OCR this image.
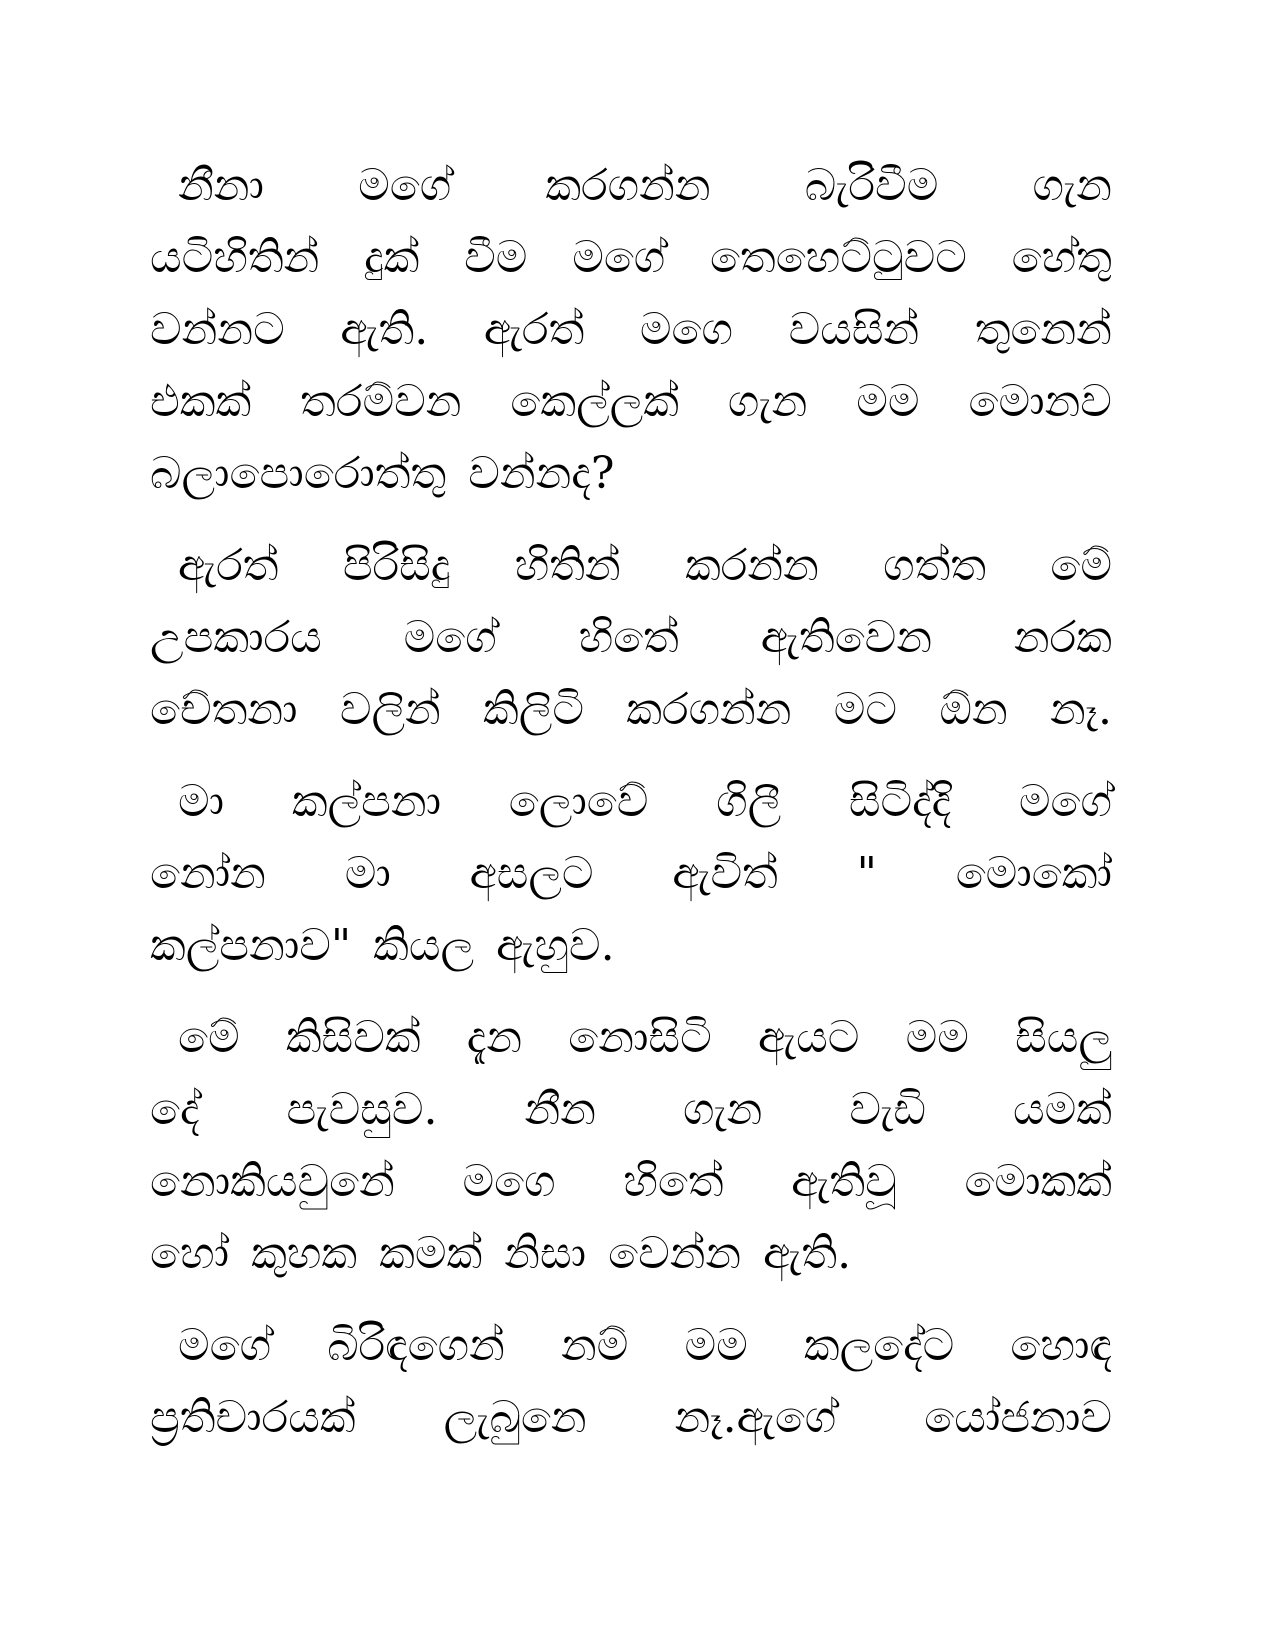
නීනා මගේ කරගන්න බැරිවීම ගැන
යටිහිතින් දුක් වීම මගේ තෙහෙට්ටුවට හේතු
වන්නට ඇති. ඇරත් මගෙ වයසින් තුනෙන්
එකක් තරම්වන කෙල්ලක් ගැන මම මොනව
බලාපොරොත්තු වන්නද?
ඇරත් පිරිසිදු හිතින් කරන්න ගත්ත මේ
උපකාරය මගේ හිතේ ඇතිවෙන නරක
චේතනා වලින් කිලිටි කරගන්න මට ඕන නෑ.
මා කල්පනා ලොවේ ගිලී සිටිද්දි මගේ
නෝන මා අසලට ඇවිත් " මොකෝ
කල්පනාව" කියල ඇහුව.
මේ කිසිවක් දැන නොසිටි ඇයට මම සියලු
දේ පැවසුව. නීන ගැන වැඩි යමක්
නොකියවුනේ මගෙ හිතේ ඇතිවූ මොකක්
හෝ කුහක කමක් නිසා වෙන්න ඇති.
මගේ බිරිඳගෙන් නම් මම කලදේට හොඳ
ප්‍රතිචාරයක් ලැබුනෙ නෑ.ඇගේ යෝජනාව
